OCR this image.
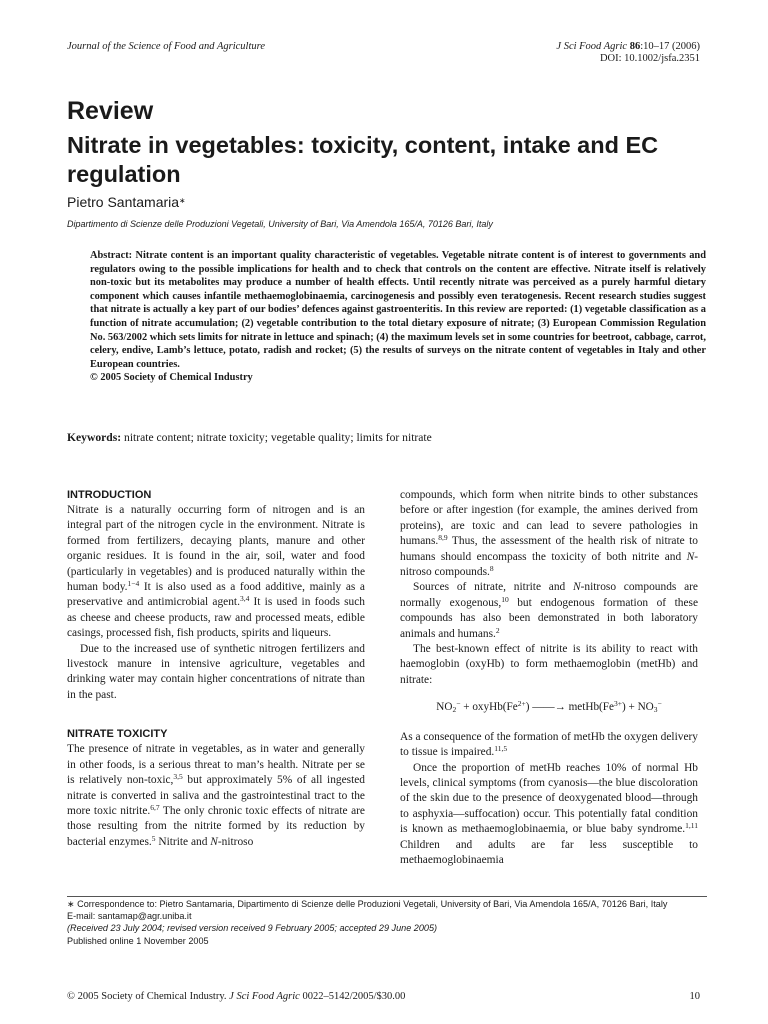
Journal of the Science of Food and Agriculture	J Sci Food Agric 86:10–17 (2006)
DOI: 10.1002/jsfa.2351
Review
Nitrate in vegetables: toxicity, content, intake and EC regulation
Pietro Santamaria∗
Dipartimento di Scienze delle Produzioni Vegetali, University of Bari, Via Amendola 165/A, 70126 Bari, Italy
Abstract: Nitrate content is an important quality characteristic of vegetables. Vegetable nitrate content is of interest to governments and regulators owing to the possible implications for health and to check that controls on the content are effective. Nitrate itself is relatively non-toxic but its metabolites may produce a number of health effects. Until recently nitrate was perceived as a purely harmful dietary component which causes infantile methaemoglobinaemia, carcinogenesis and possibly even teratogenesis. Recent research studies suggest that nitrate is actually a key part of our bodies’ defences against gastroenteritis. In this review are reported: (1) vegetable classification as a function of nitrate accumulation; (2) vegetable contribution to the total dietary exposure of nitrate; (3) European Commission Regulation No. 563/2002 which sets limits for nitrate in lettuce and spinach; (4) the maximum levels set in some countries for beetroot, cabbage, carrot, celery, endive, Lamb’s lettuce, potato, radish and rocket; (5) the results of surveys on the nitrate content of vegetables in Italy and other European countries.
© 2005 Society of Chemical Industry
Keywords: nitrate content; nitrate toxicity; vegetable quality; limits for nitrate
INTRODUCTION

Nitrate is a naturally occurring form of nitrogen and is an integral part of the nitrogen cycle in the environment. Nitrate is formed from fertilizers, decaying plants, manure and other organic residues. It is found in the air, soil, water and food (particularly in vegetables) and is produced naturally within the human body.$^{1-4}$ It is also used as a food additive, mainly as a preservative and antimicrobial agent.$^{3,4}$ It is used in foods such as cheese and cheese products, raw and processed meats, edible casings, processed fish, fish products, spirits and liqueurs.

Due to the increased use of synthetic nitrogen fertilizers and livestock manure in intensive agriculture, vegetables and drinking water may contain higher concentrations of nitrate than in the past.

NITRATE TOXICITY

The presence of nitrate in vegetables, as in water and generally in other foods, is a serious threat to man’s health. Nitrate per se is relatively non-toxic,$^{3,5}$ but approximately 5% of all ingested nitrate is converted in saliva and the gastrointestinal tract to the more toxic nitrite.$^{6,7}$ The only chronic toxic effects of nitrate are those resulting from the nitrite formed by its reduction by bacterial enzymes.$^5$ Nitrite and N-nitroso

compounds, which form when nitrite binds to other substances before or after ingestion (for example, the amines derived from proteins), are toxic and can lead to severe pathologies in humans.$^{8,9}$ Thus, the assessment of the health risk of nitrate to humans should encompass the toxicity of both nitrite and N-nitroso compounds.$^8$

Sources of nitrate, nitrite and N-nitroso compounds are normally exogenous,$^{10}$ but endogenous formation of these compounds has also been demonstrated in both laboratory animals and humans.$^2$

The best-known effect of nitrite is its ability to react with haemoglobin (oxyHb) to form methaemoglobin (metHb) and nitrate:

$NO_2^-$ + $oxyHb(Fe^{2+})$ ——→ $metHb(Fe^{3+}) + NO_3^-$

As a consequence of the formation of metHb the oxygen delivery to tissue is impaired.$^{11,5}$

Once the proportion of metHb reaches 10% of normal Hb levels, clinical symptoms (from cyanosis—the blue discoloration of the skin due to the presence of deoxygenated blood—through to asphyxia—suffocation) occur. This potentially fatal condition is known as methaemoglobinaemia, or blue baby syndrome.$^{1,11}$ Children and adults are far less susceptible to methaemoglobinaemia

∗ Correspondence to: Pietro Santamaria, Dipartimento di Scienze delle Produzioni Vegetali, University of Bari, Via Amendola 165/A, 70126 Bari, Italy
E-mail: santamap@agr.uniba.it
(Received 23 July 2004; revised version received 9 February 2005; accepted 29 June 2005)
Published online 1 November 2005
© 2005 Society of Chemical Industry. J Sci Food Agric 0022–5142/2005/$30.00	10
